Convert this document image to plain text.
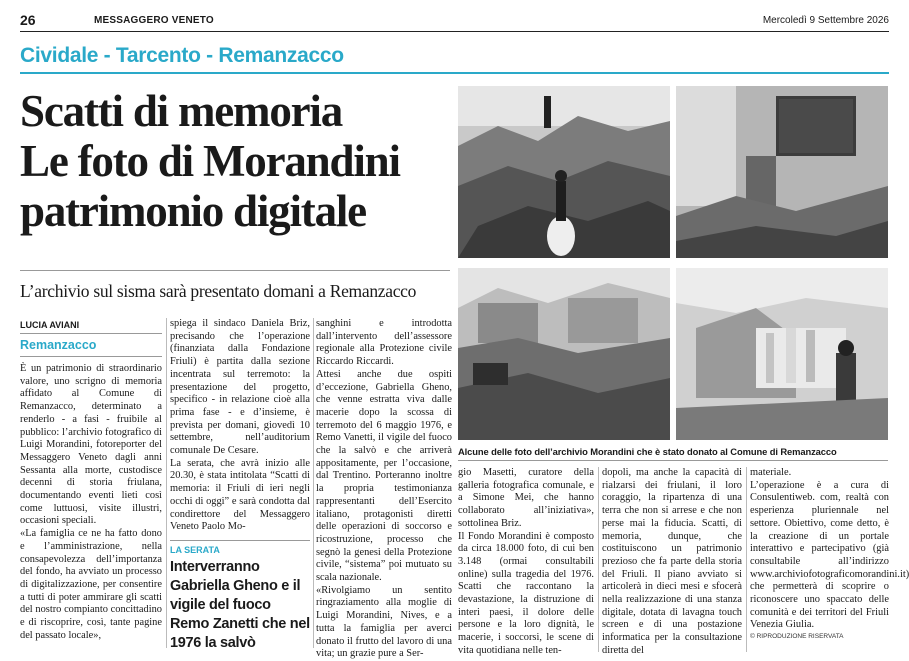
26	MESSAGGERO VENETO	Mercoledì 9 Settembre 2026
Cividale - Tarcento - Remanzacco
Scatti di memoria
Le foto di Morandini
patrimonio digitale
L’archivio sul sisma sarà presentato domani a Remanzacco
Alcune delle foto dell’archivio Morandini che è stato donato al Comune di Remanzacco
LUCIA AVIANI
Remanzacco

È un patrimonio di straordinario valore, uno scrigno di memoria affidato al Comune di Remanzacco, determinato a renderlo - a fasi - fruibile al pubblico: l’archivio fotografico di Luigi Morandini, fotoreporter del Messaggero Veneto dagli anni Sessanta alla morte, custodisce decenni di storia friulana, documentando eventi lieti così come luttuosi, visite illustri, occasioni speciali.

«La famiglia ce ne ha fatto dono e l’amministrazione, nella consapevolezza dell’importanza del fondo, ha avviato un processo di digitalizzazione, per consentire a tutti di poter ammirare gli scatti del nostro compianto concittadino e di riscoprire, così, tante pagine del passato locale»,

spiega il sindaco Daniela Briz, precisando che l’operazione (finanziata dalla Fondazione Friuli) è partita dalla sezione incentrata sul terremoto: la presentazione del progetto, specifico - in relazione cioè alla prima fase - e d’insieme, è prevista per domani, giovedì 10 settembre, nell’auditorium comunale De Cesare.

La serata, che avrà inizio alle 20.30, è stata intitolata “Scatti di memoria: il Friuli di ieri negli occhi di oggi” e sarà condotta dal condirettore del Messaggero Veneto Paolo Mo-

LA SERATA
Interverranno Gabriella Gheno e il vigile del fuoco Remo Zanetti che nel 1976 la salvò

sanghini e introdotta dall’intervento dell’assessore regionale alla Protezione civile Riccardo Riccardi.

Attesi anche due ospiti d’eccezione, Gabriella Gheno, che venne estratta viva dalle macerie dopo la scossa di terremoto del 6 maggio 1976, e Remo Vanetti, il vigile del fuoco che la salvò e che arriverà appositamente, per l’occasione, dal Trentino. Porteranno inoltre la propria testimonianza rappresentanti dell’Esercito italiano, protagonisti diretti delle operazioni di soccorso e ricostruzione, processo che segnò la genesi della Protezione civile, “sistema” poi mutuato su scala nazionale.

«Rivolgiamo un sentito ringraziamento alla moglie di Luigi Morandini, Nives, e a tutta la famiglia per averci donato il frutto del lavoro di una vita; un grazie pure a Ser-

gio Masetti, curatore della galleria fotografica comunale, e a Simone Mei, che hanno collaborato all’iniziativa», sottolinea Briz.

Il Fondo Morandini è composto da circa 18.000 foto, di cui ben 3.148 (ormai consultabili online) sulla tragedia del 1976. Scatti che raccontano la devastazione, la distruzione di interi paesi, il dolore delle persone e la loro dignità, le macerie, i soccorsi, le scene di vita quotidiana nelle ten-

dopoli, ma anche la capacità di rialzarsi dei friulani, il loro coraggio, la ripartenza di una terra che non si arrese e che non perse mai la fiducia. Scatti, di memoria, dunque, che costituiscono un patrimonio prezioso che fa parte della storia del Friuli. Il piano avviato si articolerà in dieci mesi e sfocerà nella realizzazione di una stanza digitale, dotata di lavagna touch screen e di una postazione informatica per la consultazione diretta del

materiale.

L’operazione è a cura di Consulentiweb. com, realtà con esperienza pluriennale nel settore. Obiettivo, come detto, è la creazione di un portale interattivo e partecipativo (già consultabile all’indirizzo www.archiviofotograficomorandini.it) che permetterà di scoprire o riconoscere uno spaccato delle comunità e dei territori del Friuli Venezia Giulia.

© RIPRODUZIONE RISERVATA
